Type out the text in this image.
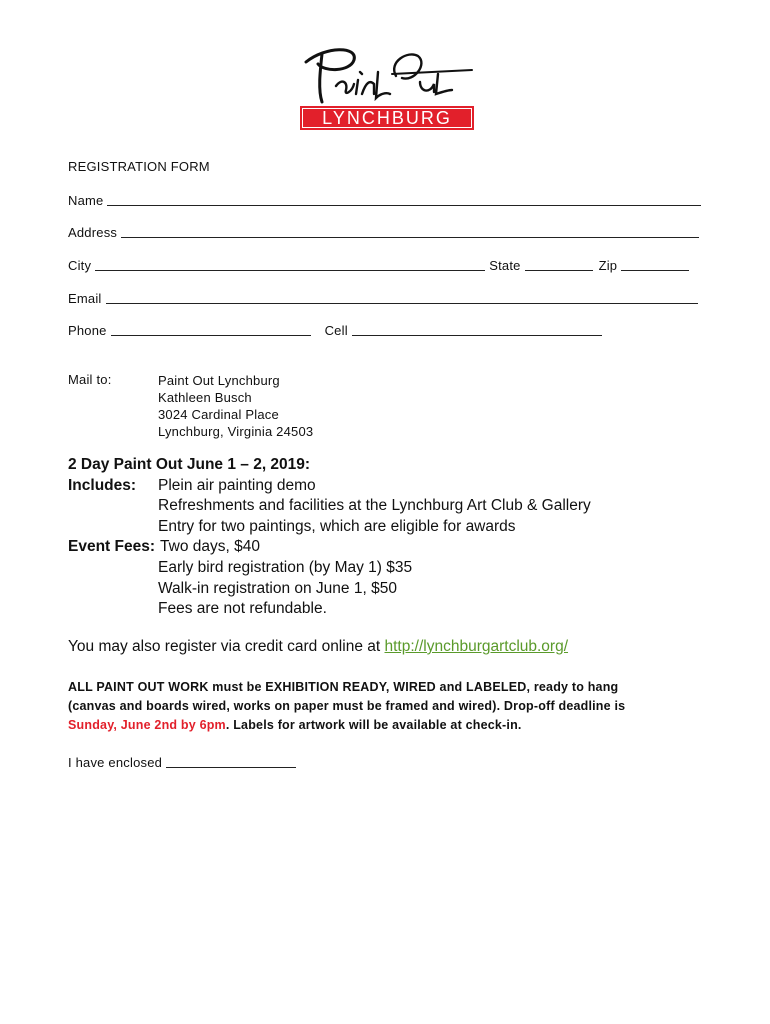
LYNCHBURG
REGISTRATION FORM
Name
Address
City	State	Zip
Email
Phone	Cell
Mail to:	Paint Out Lynchburg
Kathleen Busch
3024 Cardinal Place
Lynchburg, Virginia 24503
2 Day Paint Out June 1 – 2, 2019:
Includes:	Plein air painting demo
Refreshments and facilities at the Lynchburg Art Club & Gallery
Entry for two paintings, which are eligible for awards
Event Fees: Two days, $40
Early bird registration (by May 1) $35
Walk-in registration on June 1, $50
Fees are not refundable.
You may also register via credit card online at http://lynchburgartclub.org/
ALL PAINT OUT WORK must be EXHIBITION READY, WIRED and LABELED, ready to hang
(canvas and boards wired, works on paper must be framed and wired). Drop-off deadline is
Sunday, June 2nd by 6pm. Labels for artwork will be available at check-in.
I have enclosed
